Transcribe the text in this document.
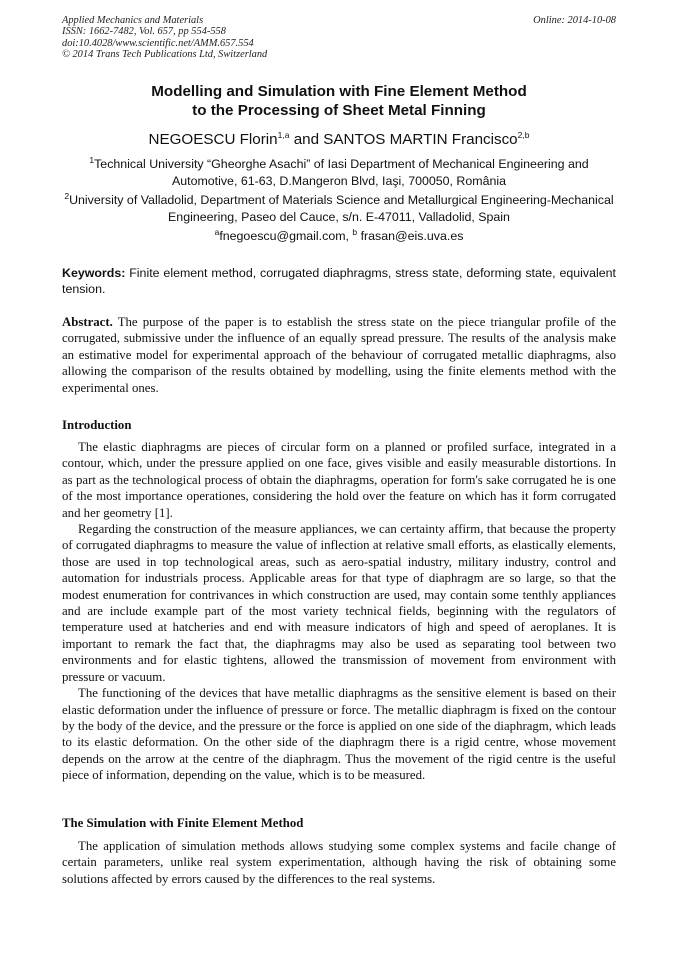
Applied Mechanics and Materials
ISSN: 1662-7482, Vol. 657, pp 554-558
doi:10.4028/www.scientific.net/AMM.657.554
© 2014 Trans Tech Publications Ltd, Switzerland
Online: 2014-10-08
Modelling and Simulation with Fine Element Method
to the Processing of Sheet Metal Finning
NEGOESCU Florin$^{1,a}$ and SANTOS MARTIN Francisco$^{2,b}$
$^1$Technical University “Gheorghe Asachi” of Iasi Department of Mechanical Engineering and Automotive, 61-63, D.Mangeron Blvd, Iaşi, 700050, România
$^2$University of Valladolid, Department of Materials Science and Metallurgical Engineering-Mechanical Engineering, Paseo del Cauce, s/n. E-47011, Valladolid, Spain
$^a$fnegoescu@gmail.com, $^b$ frasan@eis.uva.es
Keywords: Finite element method, corrugated diaphragms, stress state, deforming state, equivalent tension.
Abstract. The purpose of the paper is to establish the stress state on the piece triangular profile of the corrugated, submissive under the influence of an equally spread pressure. The results of the analysis make an estimative model for experimental approach of the behaviour of corrugated metallic diaphragms, also allowing the comparison of the results obtained by modelling, using the finite elements method with the experimental ones.
Introduction

The elastic diaphragms are pieces of circular form on a planned or profiled surface, integrated in a contour, which, under the pressure applied on one face, gives visible and easily measurable distortions. In as part as the technological process of obtain the diaphragms, operation for form's sake corrugated he is one of the most importance operationes, considering the hold over the feature on which has it form corrugated and her geometry [1].

Regarding the construction of the measure appliances, we can certainty affirm, that because the property of corrugated diaphragms to measure the value of inflection at relative small efforts, as elastically elements, those are used in top technological areas, such as aero-spatial industry, military industry, control and automation for industrials process. Applicable areas for that type of diaphragm are so large, so that the modest enumeration for contrivances in which construction are used, may contain some tenthly appliances and are include example part of the most variety technical fields, beginning with the regulators of temperature used at hatcheries and end with measure indicators of high and speed of aeroplanes. It is important to remark the fact that, the diaphragms may also be used as separating tool between two environments and for elastic tightens, allowed the transmission of movement from environment with pressure or vacuum.

The functioning of the devices that have metallic diaphragms as the sensitive element is based on their elastic deformation under the influence of pressure or force. The metallic diaphragm is fixed on the contour by the body of the device, and the pressure or the force is applied on one side of the diaphragm, which leads to its elastic deformation. On the other side of the diaphragm there is a rigid centre, whose movement depends on the arrow at the centre of the diaphragm. Thus the movement of the rigid centre is the useful piece of information, depending on the value, which is to be measured.

The Simulation with Finite Element Method

The application of simulation methods allows studying some complex systems and facile change of certain parameters, unlike real system experimentation, although having the risk of obtaining some solutions affected by errors caused by the differences to the real systems.
